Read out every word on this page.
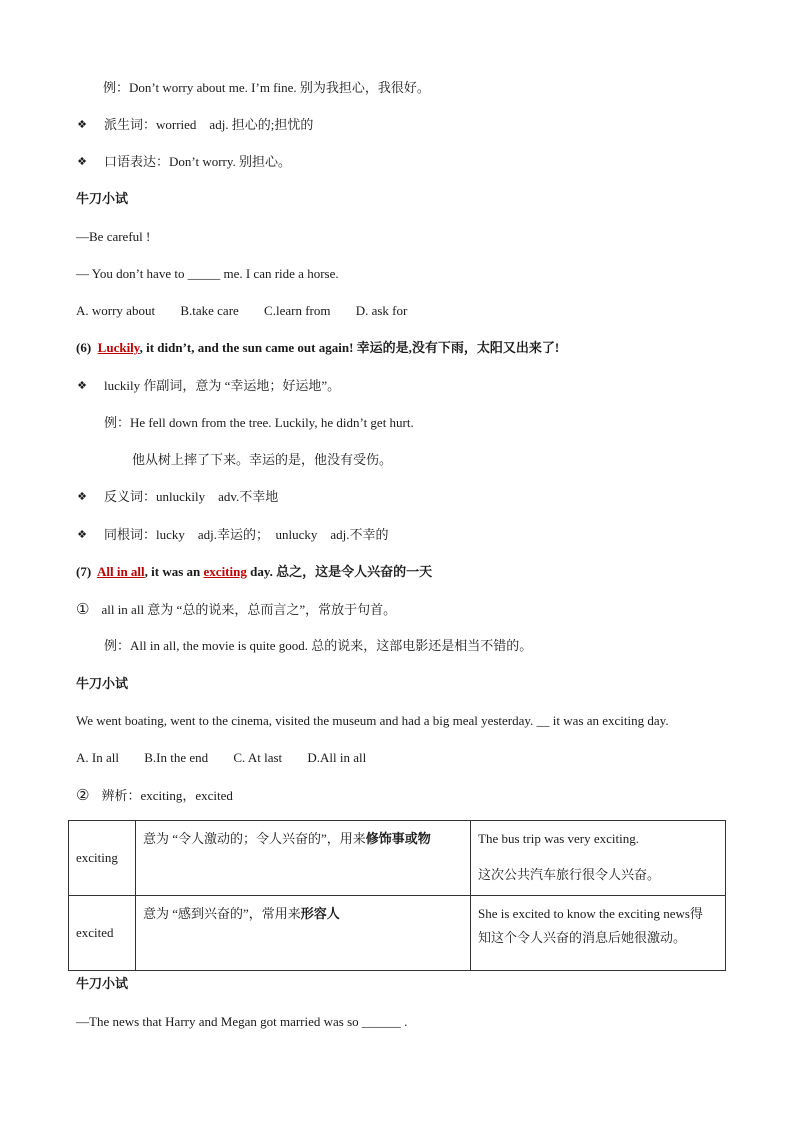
例：Don’t worry about me. I’m fine. 别为我担心，我很好。
❖ 派生词：worried　adj. 担心的;担忧的
❖ 口语表达：Don’t worry. 别担心。
牛刀小试
—Be careful !
— You don’t have to _____ me. I can ride a horse.
A. worry about B.take care C.learn from D. ask for
(6) Luckily, it didn’t, and the sun came out again! 幸运的是,没有下雨，太阳又出来了!
❖ luckily 作副词，意为 “幸运地；好运地”。
例：He fell down from the tree. Luckily, he didn’t get hurt.
他从树上摔了下来。幸运的是，他没有受伤。
❖ 反义词：unluckily　adv.不幸地
❖ 同根词：lucky　adj.幸运的；　unlucky　adj.不幸的
(7) All in all, it was an exciting day. 总之，这是令人兴奋的一天
① all in all 意为 “总的说来，总而言之”，常放于句首。
例：All in all, the movie is quite good. 总的说来，这部电影还是相当不错的。
牛刀小试
We went boating, went to the cinema, visited the museum and had a big meal yesterday. __ it was an exciting day.
A. In all B.In the end C. At last D.All in all
② 辨析：exciting，excited
exciting	意为 “令人激动的；令人兴奋的”，用来修饰事或物	The bus trip was very exciting.
这次公共汽车旅行很令人兴奋。

excited	意为 “感到兴奋的”，常用来形容人	She is excited to know the exciting news得
知这个令人兴奋的消息后她很激动。
牛刀小试
—The news that Harry and Megan got married was so ______ .
